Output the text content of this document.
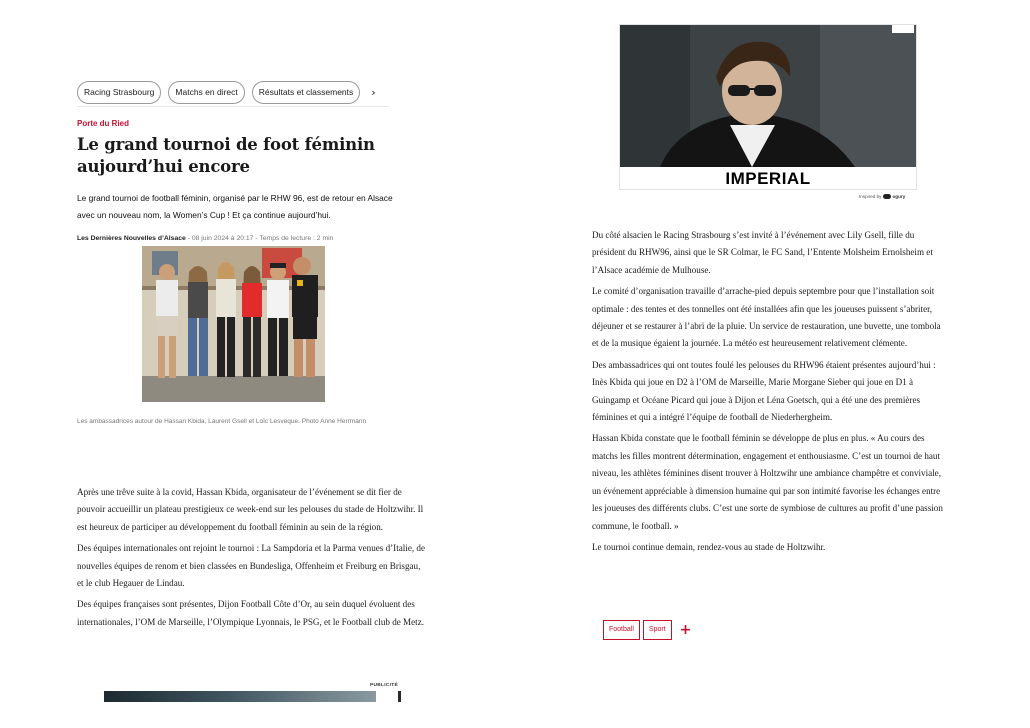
Racing Strasbourg	Matchs en direct	Résultats et classements	›
Porte du Ried
Le grand tournoi de foot féminin aujourd’hui encore
Le grand tournoi de football féminin, organisé par le RHW 96, est de retour en Alsace avec un nouveau nom, la Women’s Cup ! Et ça continue aujourd’hui.
Les Dernières Nouvelles d’Alsace - 08 juin 2024 à 20:17 - Temps de lecture : 2 min
Les ambassadrices autour de Hassan Kbida, Laurent Gsell et Loïc Lesveque. Photo Anne Herrmann

Après une trêve suite à la covid, Hassan Kbida, organisateur de l’événement se dit fier de pouvoir accueillir un plateau prestigieux ce week-end sur les pelouses du stade de Holtzwihr. Il est heureux de participer au développement du football féminin au sein de la région.

Des équipes internationales ont rejoint le tournoi : La Sampdoria et la Parma venues d’Italie, de nouvelles équipes de renom et bien classées en Bundesliga, Offenheim et Freiburg en Brisgau, et le club Hegauer de Lindau.

Des équipes françaises sont présentes, Dijon Football Côte d’Or, au sein duquel évoluent des internationales, l’OM de Marseille, l’Olympique Lyonnais, le PSG, et le Football club de Metz.

PUBLICITÉ
IMPERIAL
Inspired by ogury

Du côté alsacien le Racing Strasbourg s’est invité à l’événement avec Lily Gsell, fille du président du RHW96, ainsi que le SR Colmar, le FC Sand, l’Entente Molsheim Ernolsheim et l’Alsace académie de Mulhouse.

Le comité d’organisation travaille d’arrache-pied depuis septembre pour que l’installation soit optimale : des tentes et des tonnelles ont été installées afin que les joueuses puissent s’abriter, déjeuner et se restaurer à l’abri de la pluie. Un service de restauration, une buvette, une tombola et de la musique égaient la journée. La météo est heureusement relativement clémente.

Des ambassadrices qui ont toutes foulé les pelouses du RHW96 étaient présentes aujourd’hui : Inès Kbida qui joue en D2 à l’OM de Marseille, Marie Morgane Sieber qui joue en D1 à Guingamp et Océane Picard qui joue à Dijon et Léna Goetsch, qui a été une des premières féminines et qui a intégré l’équipe de football de Niederhergheim.

Hassan Kbida constate que le football féminin se développe de plus en plus. « Au cours des matchs les filles montrent détermination, engagement et enthousiasme. C’est un tournoi de haut niveau, les athlètes féminines disent trouver à Holtzwihr une ambiance champêtre et conviviale, un événement appréciable à dimension humaine qui par son intimité favorise les échanges entre les joueuses des différents clubs. C’est une sorte de symbiose de cultures au profit d’une passion commune, le football. »

Le tournoi continue demain, rendez-vous au stade de Holtzwihr.

Football	Sport	+
